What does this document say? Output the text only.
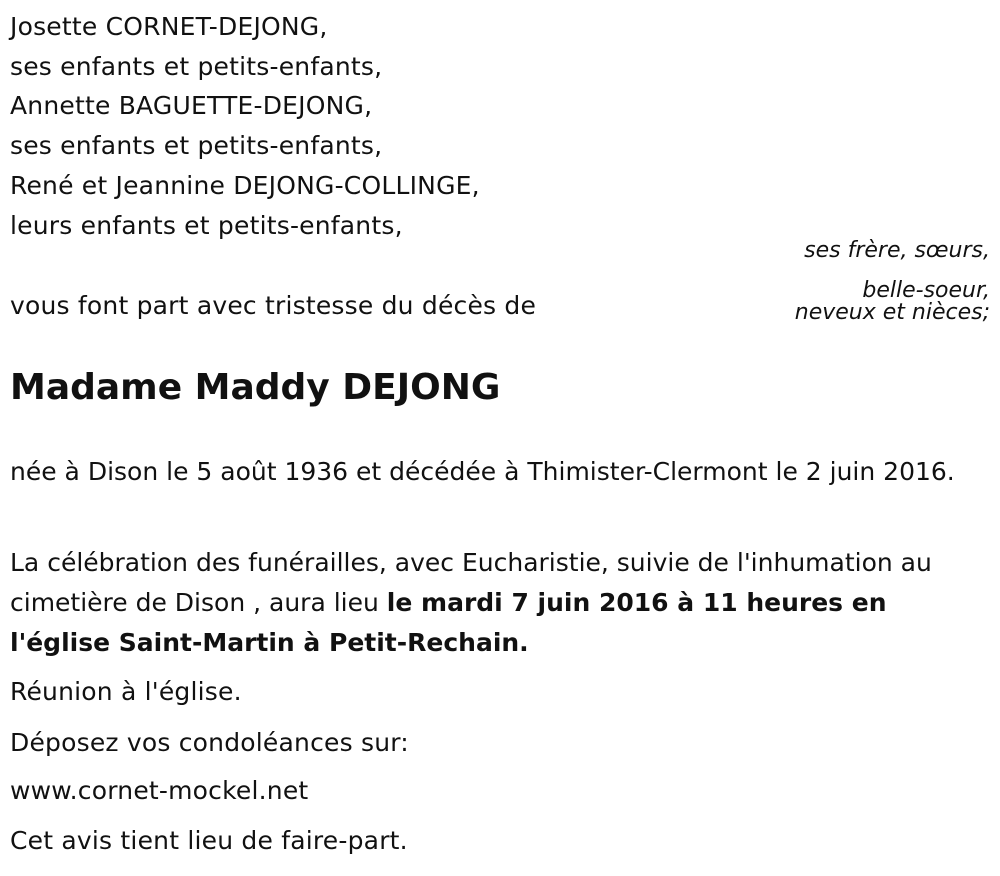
Josette CORNET-DEJONG,
ses enfants et petits-enfants,
Annette BAGUETTE-DEJONG,
ses enfants et petits-enfants,
René et Jeannine DEJONG-COLLINGE,
leurs enfants et petits-enfants,
ses frère, sœurs,
belle-soeur,
neveux et nièces;
vous font part avec tristesse du décès de
Madame Maddy DEJONG
née à Dison le 5 août 1936 et décédée à Thimister-Clermont le 2 juin 2016.
La célébration des funérailles, avec Eucharistie, suivie de l'inhumation au cimetière de Dison , aura lieu le mardi 7 juin 2016 à 11 heures en l'église Saint-Martin à Petit-Rechain.
Réunion à l'église.
Déposez vos condoléances sur:
www.cornet-mockel.net
Cet avis tient lieu de faire-part.
